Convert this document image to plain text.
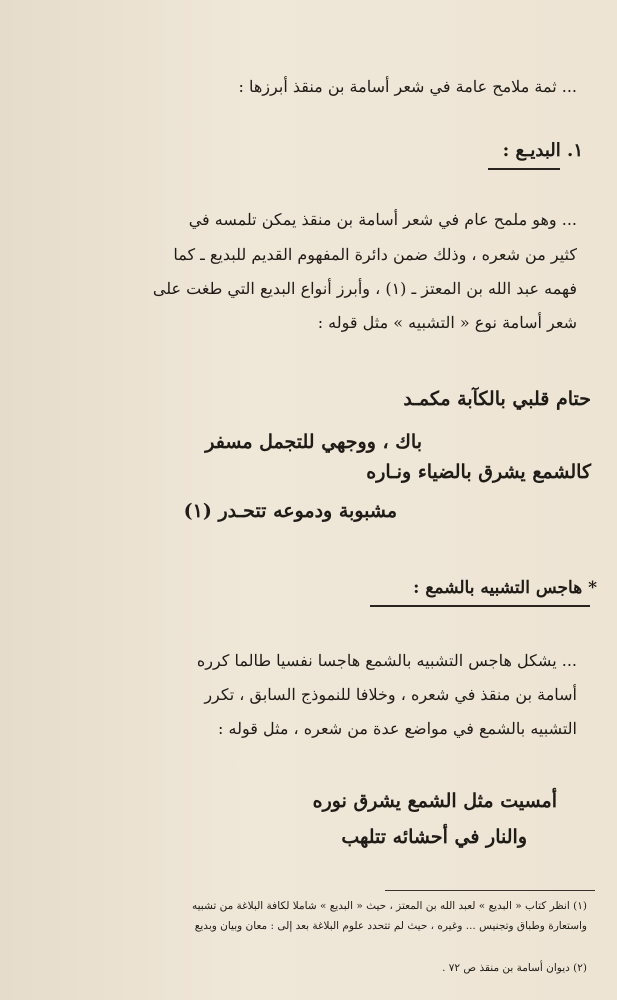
... ثمة ملامح عامة في شعر أسامة بن منقذ أبرزها :
١. البديـع :
... وهو ملمح عام في شعر أسامة بن منقذ يمكن تلمسه في
كثير من شعره ، وذلك ضمن دائرة المفهوم القديم للبديع ـ كما
فهمه عبد الله بن المعتز ـ (١) ، وأبرز أنواع البديع التي طغت على
شعر أسامة نوع « التشبيه » مثل قوله :
حتام قلبي بالكآبة مكمـد
باك ، ووجهي للتجمل مسفر
كالشمع يشرق بالضياء ونـاره
مشبوبة ودموعه تتحـدر (١)
* هاجس التشبيه بالشمع :
... يشكل هاجس التشبيه بالشمع هاجسا نفسيا طالما كرره
أسامة بن منقذ في شعره ، وخلافا للنموذج السابق ، تكرر
التشبيه بالشمع في مواضع عدة من شعره ، مثل قوله :
أمسيت مثل الشمع يشرق نوره
والنار في أحشائه تتلهب
(١) انظر كتاب « البديع » لعبد الله بن المعتز ، حيث « البديع » شاملا لكافة البلاغة من تشبيه
واستعارة وطباق وتجنيس ... وغيره ، حيث لم تتحدد علوم البلاغة بعد إلى : معان وبيان وبديع
(٢) ديوان أسامة بن منقذ ص ٧٢ .
